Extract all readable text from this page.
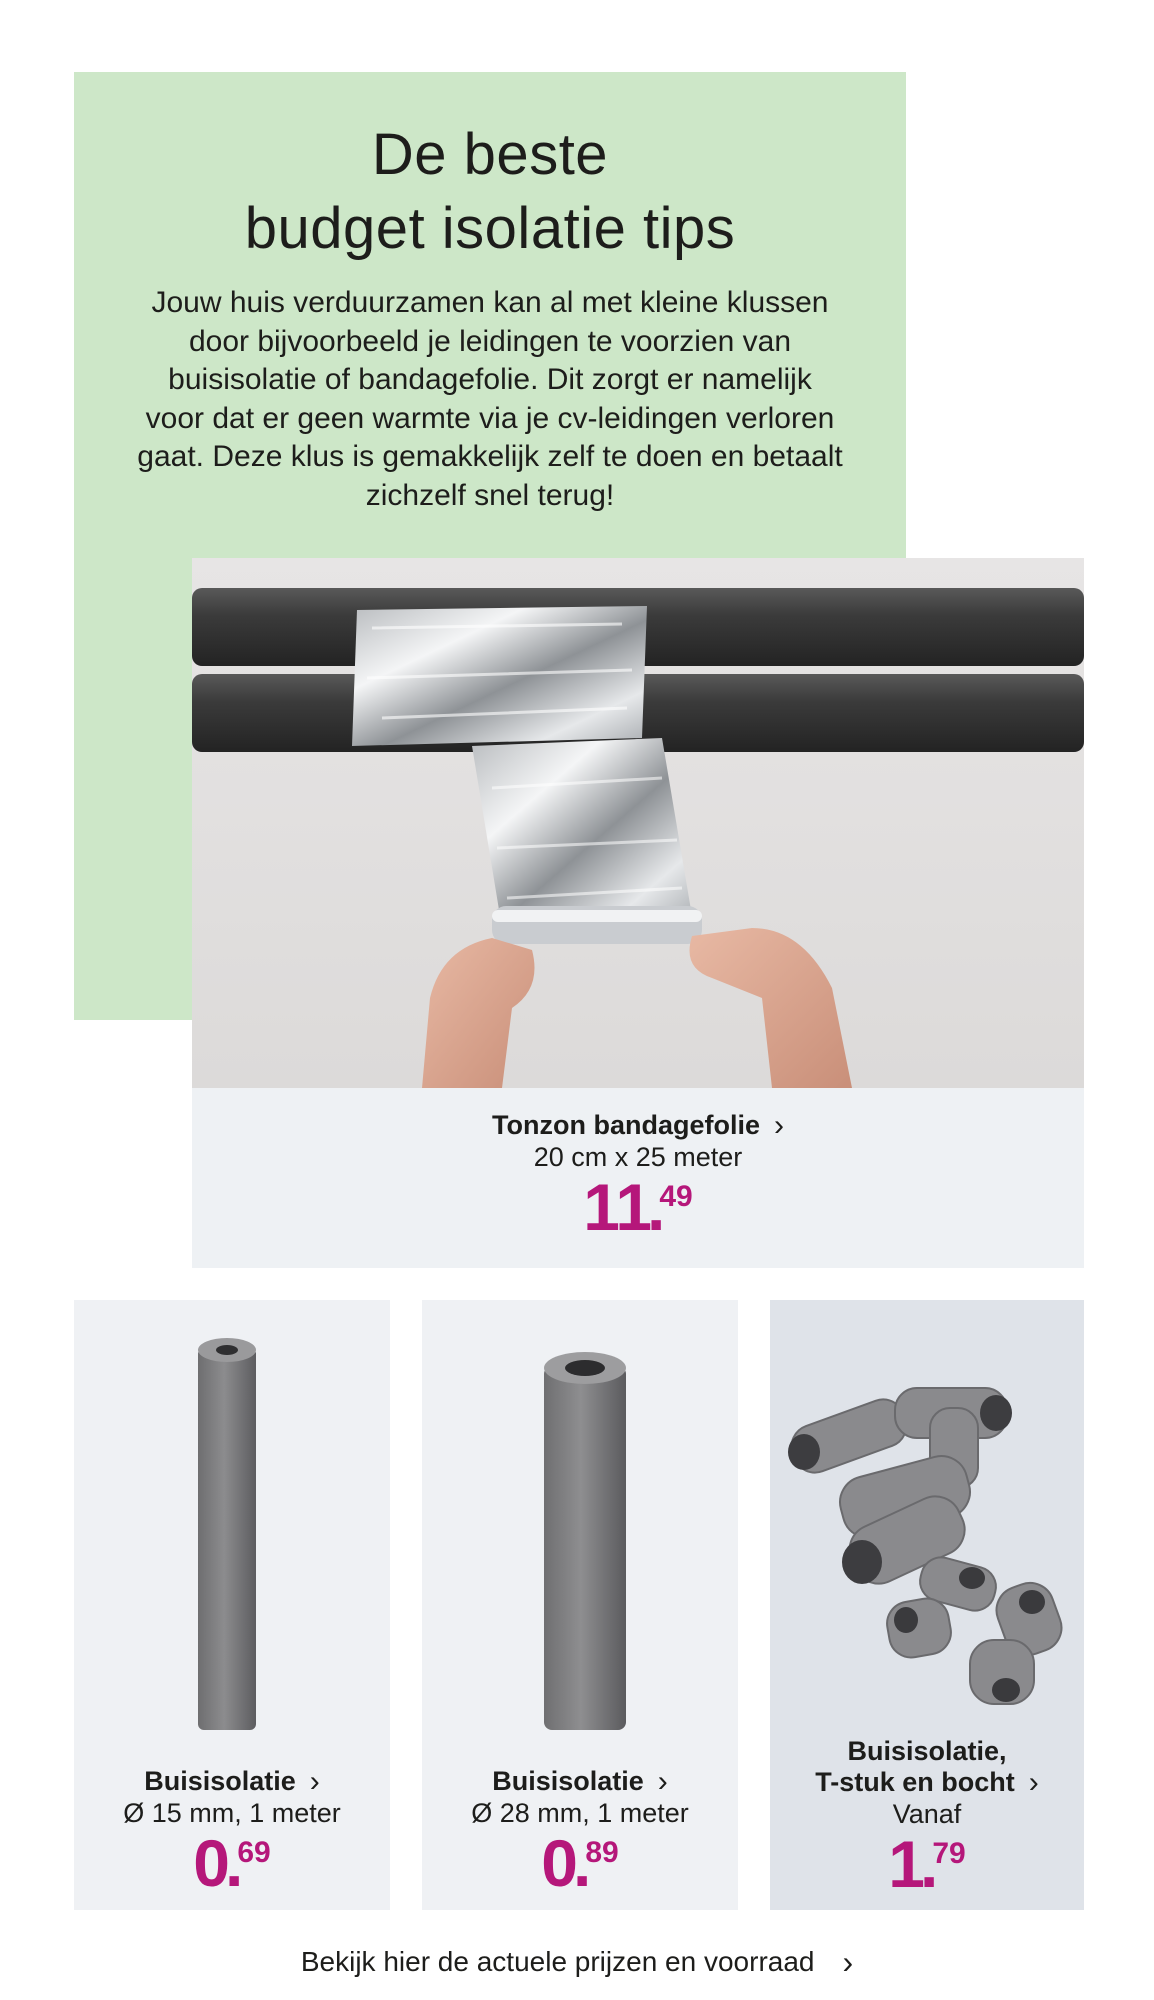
De beste
budget isolatie tips

Jouw huis verduurzamen kan al met kleine klussen
door bijvoorbeeld je leidingen te voorzien van
buisisolatie of bandagefolie. Dit zorgt er namelijk
voor dat er geen warmte via je cv-leidingen verloren
gaat. Deze klus is gemakkelijk zelf te doen en betaalt
zichzelf snel terug!

Tonzon bandagefolie ›
20 cm x 25 meter
11
.
49
Buisisolatie ›
Ø 15 mm, 1 meter
0
.
69
Buisisolatie ›
Ø 28 mm, 1 meter
0
.
89
Buisisolatie,
T-stuk en bocht ›
Vanaf
1
.
79
Bekijk hier de actuele prijzen en voorraad ›
